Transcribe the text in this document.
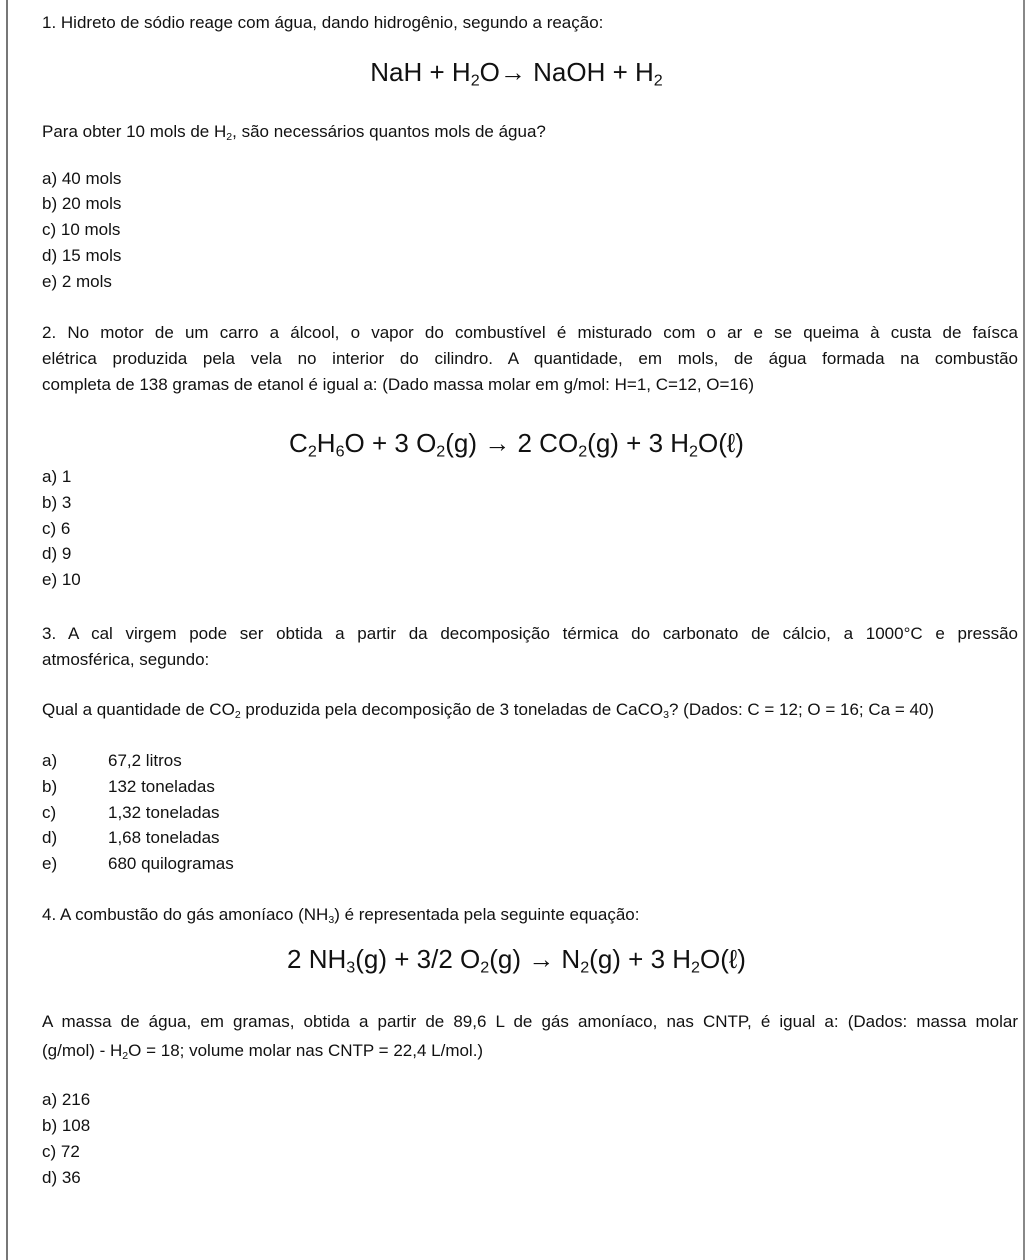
1. Hidreto de sódio reage com água, dando hidrogênio, segundo a reação:
NaH + $H_2O\to$ NaOH + $H_2$
Para obter 10 mols de $H_2$, são necessários quantos mols de água?
a) 40 mols
b) 20 mols
c) 10 mols
d) 15 mols
e) 2 mols
2. No motor de um carro a álcool, o vapor do combustível é misturado com o ar e se queima à custa de faísca
elétrica produzida pela vela no interior do cilindro. A quantidade, em mols, de água formada na combustão
completa de 138 gramas de etanol é igual a: (Dado massa molar em g/mol: H=1, C=12, O=16)
$C_2H_6O + 3$ $O_2(g) \to 2$ $CO_2(g) + 3$ $H_2O(\ell)$
a) 1
b) 3
c) 6
d) 9
e) 10
3. A cal virgem pode ser obtida a partir da decomposição térmica do carbonato de cálcio, a 1000°C e pressão
atmosférica, segundo:
Qual a quantidade de $CO_2$ produzida pela decomposição de 3 toneladas de CaCO$_3$? (Dados: C = 12; O = 16; Ca = 40)
a)	67,2 litros
b)	132 toneladas
c)	1,32 toneladas
d)	1,68 toneladas
e)	680 quilogramas
4. A combustão do gás amoníaco $(NH_3)$ é representada pela seguinte equação:
2 $NH_3(g) + 3/2$ $O_2(g) \to N_2(g) + 3$ $H_2O(\ell)$
A massa de água, em gramas, obtida a partir de 89,6 L de gás amoníaco, nas CNTP, é igual a: (Dados: massa molar
$(g/mol) - H_2O = 18$; volume molar nas CNTP = 22,4 L/mol.)
a) 216
b) 108
c) 72
d) 36
